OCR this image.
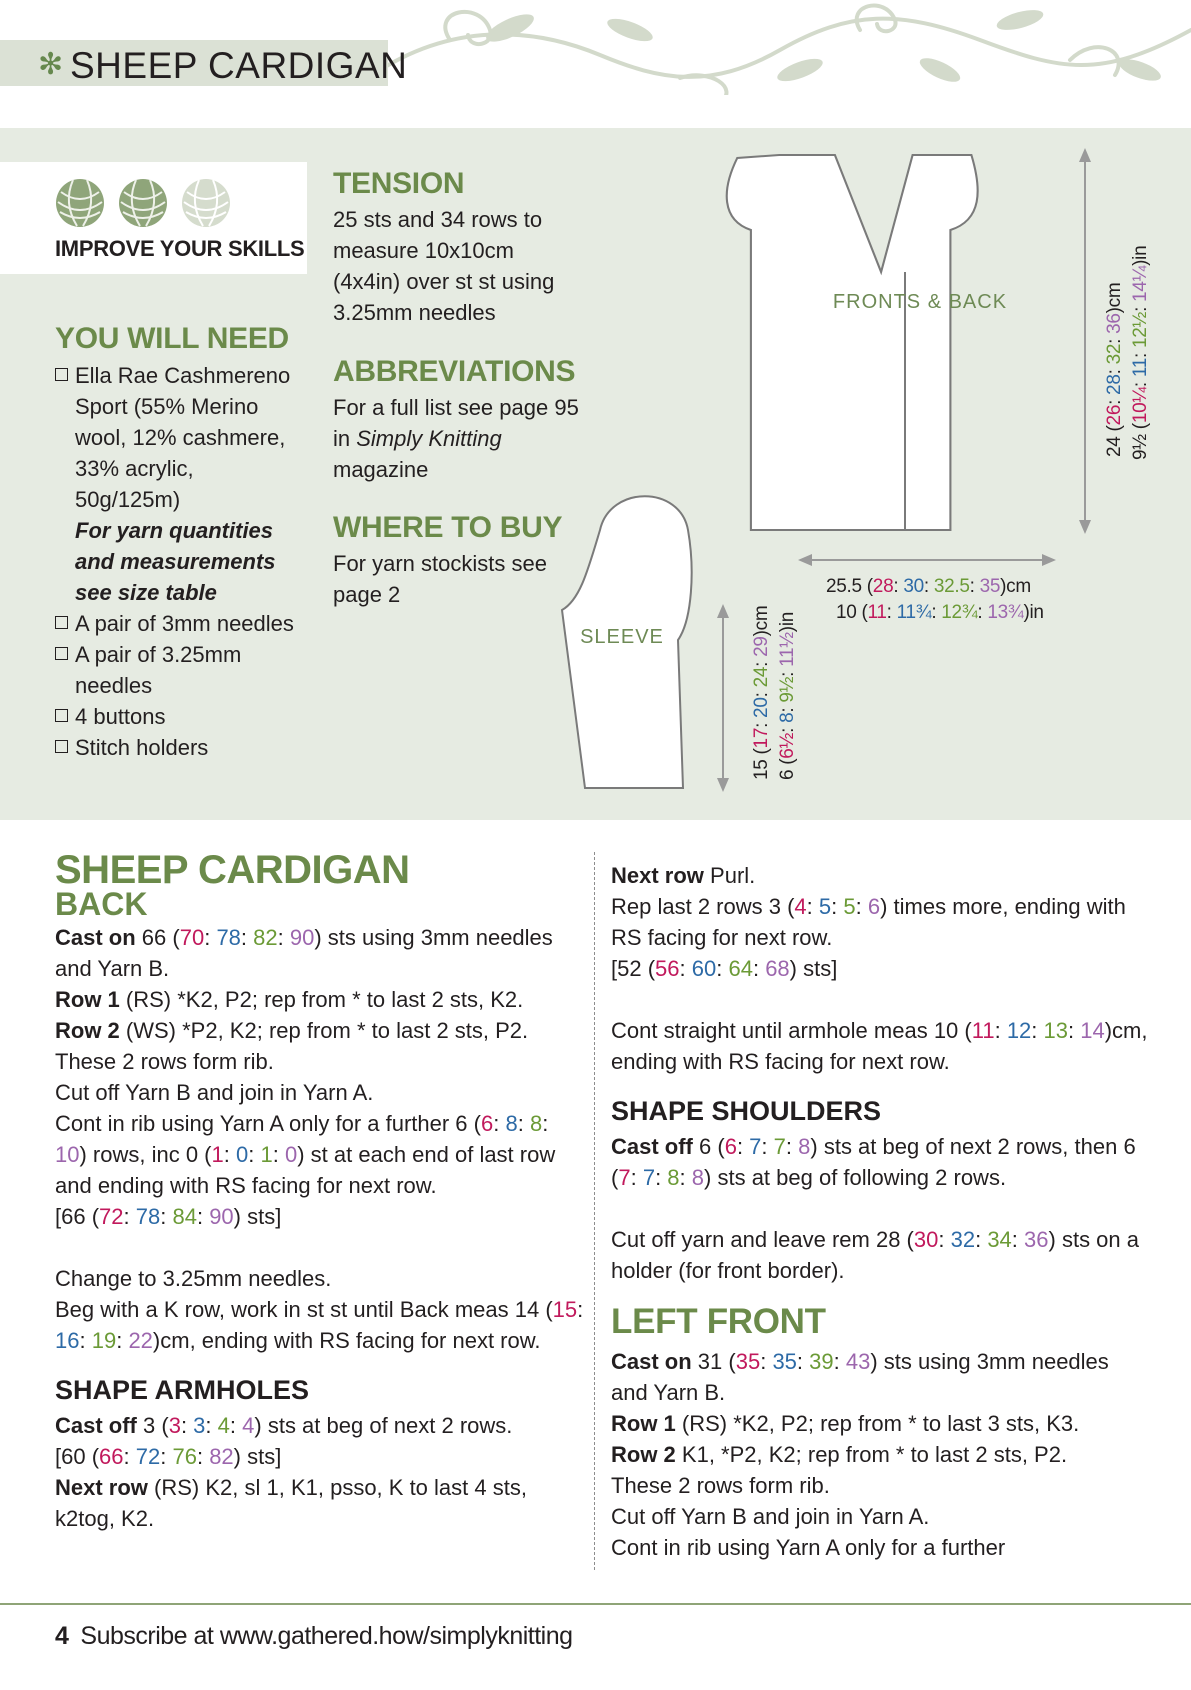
✻ SHEEP CARDIGAN
IMPROVE YOUR SKILLS
YOU WILL NEED
Ella Rae Cashmereno Sport (55% Merino wool, 12% cashmere, 33% acrylic, 50g/125m)
For yarn quantities and measurements see size table
A pair of 3mm needles
A pair of 3.25mm needles
4 buttons
Stitch holders
TENSION
25 sts and 34 rows to measure 10x10cm (4x4in) over st st using 3.25mm needles
ABBREVIATIONS
For a full list see page 95 in Simply Knitting magazine
WHERE TO BUY
For yarn stockists see page 2
FRONTS & BACK
SLEEVE
25.5 (28: 30: 32.5: 35)cm
10 (11: 11¾: 12¾: 13¾)in
24 (26: 28: 32: 36)cm
9½ (10¼: 11: 12½: 14¼)in
15 (17: 20: 24: 29)cm
6 (6½: 8: 9½: 11½)in
SHEEP CARDIGAN
BACK

Cast on 66 (70: 78: 82: 90) sts using 3mm needles and Yarn B.

Row 1 (RS) *K2, P2; rep from * to last 2 sts, K2.

Row 2 (WS) *P2, K2; rep from * to last 2 sts, P2.

These 2 rows form rib.

Cut off Yarn B and join in Yarn A.

Cont in rib using Yarn A only for a further 6 (6: 8: 8: 10) rows, inc 0 (1: 0: 1: 0) st at each end of last row and ending with RS facing for next row.

[66 (72: 78: 84: 90) sts]

Change to 3.25mm needles.

Beg with a K row, work in st st until Back meas 14 (15: 16: 19: 22)cm, ending with RS facing for next row.

SHAPE ARMHOLES

Cast off 3 (3: 3: 4: 4) sts at beg of next 2 rows.

[60 (66: 72: 76: 82) sts]

Next row (RS) K2, sl 1, K1, psso, K to last 4 sts, k2tog, K2.

Next row Purl.

Rep last 2 rows 3 (4: 5: 5: 6) times more, ending with RS facing for next row.

[52 (56: 60: 64: 68) sts]

Cont straight until armhole meas 10 (11: 12: 13: 14)cm, ending with RS facing for next row.

SHAPE SHOULDERS

Cast off 6 (6: 7: 7: 8) sts at beg of next 2 rows, then 6 (7: 7: 8: 8) sts at beg of following 2 rows.

Cut off yarn and leave rem 28 (30: 32: 34: 36) sts on a holder (for front border).

LEFT FRONT

Cast on 31 (35: 35: 39: 43) sts using 3mm needles and Yarn B.

Row 1 (RS) *K2, P2; rep from * to last 3 sts, K3.

Row 2 K1, *P2, K2; rep from * to last 2 sts, P2.

These 2 rows form rib.

Cut off Yarn B and join in Yarn A.

Cont in rib using Yarn A only for a further

4 Subscribe at www.gathered.how/simplyknitting
